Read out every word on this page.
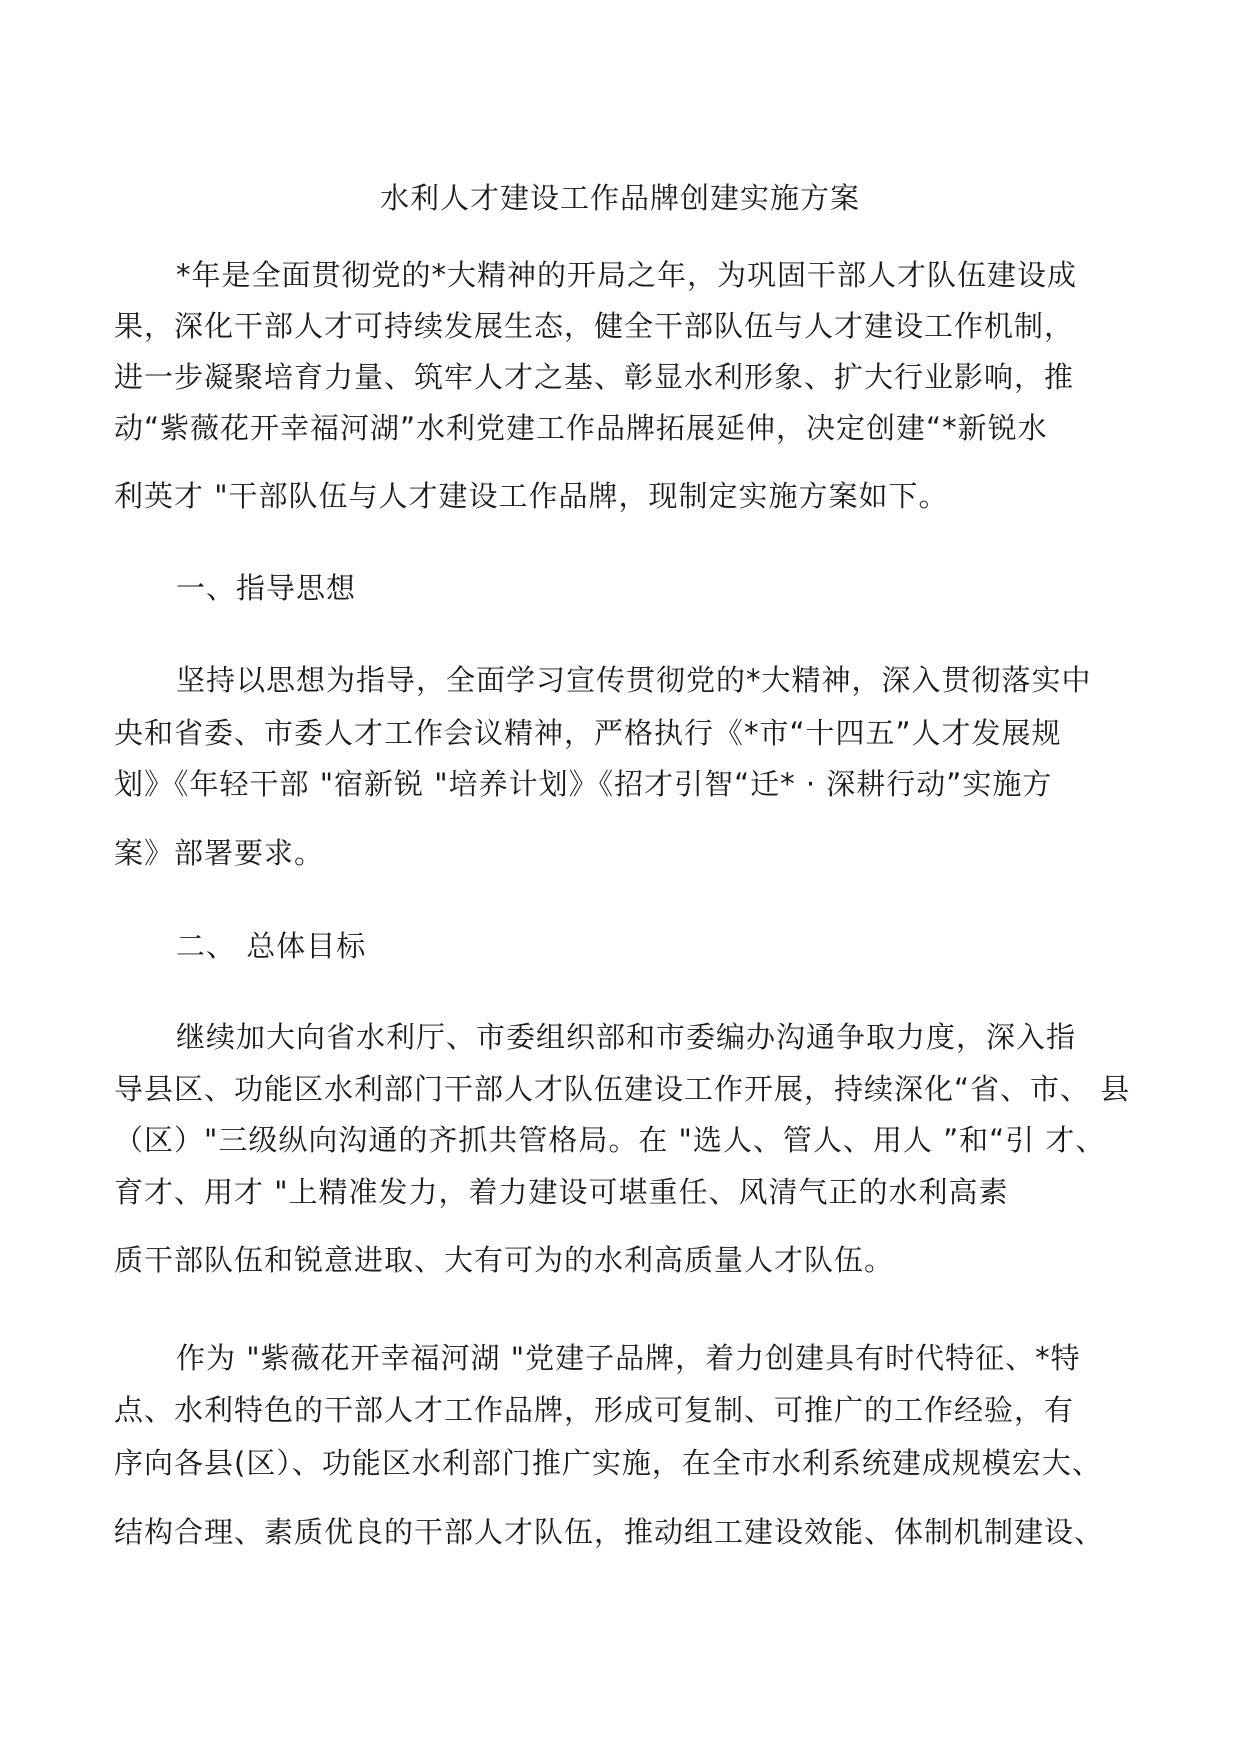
水利人才建设工作品牌创建实施方案

*年是全面贯彻党的*大精神的开局之年，为巩固干部人才队伍建设成

果，深化干部人才可持续发展生态，健全干部队伍与人才建设工作机制，

进一步凝聚培育力量、筑牢人才之基、彰显水利形象、扩大行业影响，推

动“紫薇花开幸福河湖”水利党建工作品牌拓展延伸，决定创建“*新锐水

利英才 "干部队伍与人才建设工作品牌，现制定实施方案如下。

一、指导思想

坚持以思想为指导，全面学习宣传贯彻党的*大精神，深入贯彻落实中

央和省委、市委人才工作会议精神，严格执行《*市“十四五”人才发展规

划》《年轻干部 "宿新锐 "培养计划》《招才引智“迁* · 深耕行动”实施方

案》部署要求。

二、 总体目标

继续加大向省水利厅、市委组织部和市委编办沟通争取力度，深入指

导县区、功能区水利部门干部人才队伍建设工作开展，持续深化“省、市、 县

（区）"三级纵向沟通的齐抓共管格局。在 "选人、管人、用人 ”和“引 才、

育才、用才 "上精准发力，着力建设可堪重任、风清气正的水利高素

质干部队伍和锐意进取、大有可为的水利高质量人才队伍。

作为 "紫薇花开幸福河湖 "党建子品牌，着力创建具有时代特征、*特

点、水利特色的干部人才工作品牌，形成可复制、可推广的工作经验，有

序向各县(区）、功能区水利部门推广实施，在全市水利系统建成规模宏大、

结构合理、素质优良的干部人才队伍，推动组工建设效能、体制机制建设、
